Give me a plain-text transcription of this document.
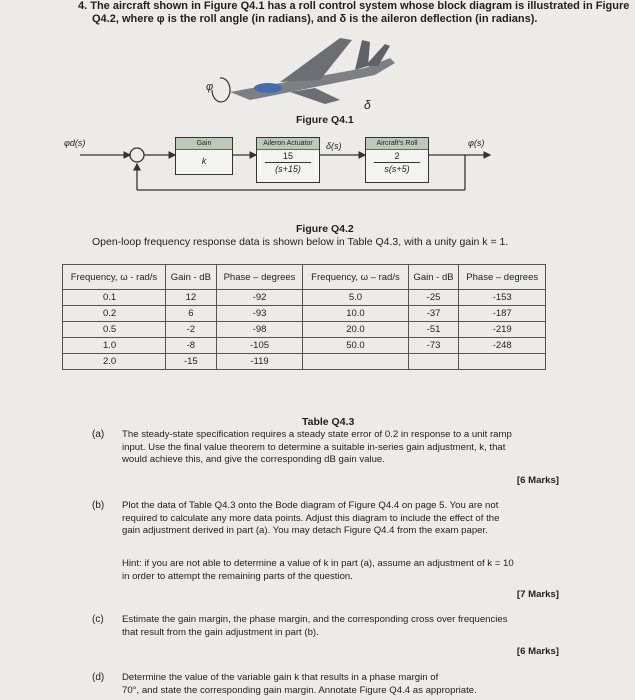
4. The aircraft shown in Figure Q4.1 has a roll control system whose block diagram is illustrated in Figure
Q4.2, where φ is the roll angle (in radians), and δ is the aileron deflection (in radians).
φ
δ
Figure Q4.1
φd(s)	φ(s)
δ(s)
Gain
k
Aileron Actuator
15
(s+15)
Aircraft's Roll
2
s(s+5)
Figure Q4.2
Open-loop frequency response data is shown below in Table Q4.3, with a unity gain k = 1.
Frequency, ω - rad/s	Gain - dB	Phase – degrees	Frequency, ω – rad/s	Gain - dB	Phase – degrees
0.1	12	-92	5.0	-25	-153
0.2	6	-93	10.0	-37	-187
0.5	-2	-98	20.0	-51	-219
1.0	-8	-105	50.0	-73	-248
2.0	-15	-119			
Table Q4.3
(a) The steady-state specification requires a steady state error of 0.2 in response to a unit ramp
input. Use the final value theorem to determine a suitable in-series gain adjustment, k, that
would achieve this, and give the corresponding dB gain value.
[6 Marks]
(b) Plot the data of Table Q4.3 onto the Bode diagram of Figure Q4.4 on page 5. You are not
required to calculate any more data points. Adjust this diagram to include the effect of the
gain adjustment derived in part (a). You may detach Figure Q4.4 from the exam paper.
Hint: if you are not able to determine a value of k in part (a), assume an adjustment of k = 10
in order to attempt the remaining parts of the question.
[7 Marks]
(c) Estimate the gain margin, the phase margin, and the corresponding cross over frequencies
that result from the gain adjustment in part (b).
[6 Marks]
(d) Determine the value of the variable gain k that results in a phase margin of
70°, and state the corresponding gain margin. Annotate Figure Q4.4 as appropriate.
